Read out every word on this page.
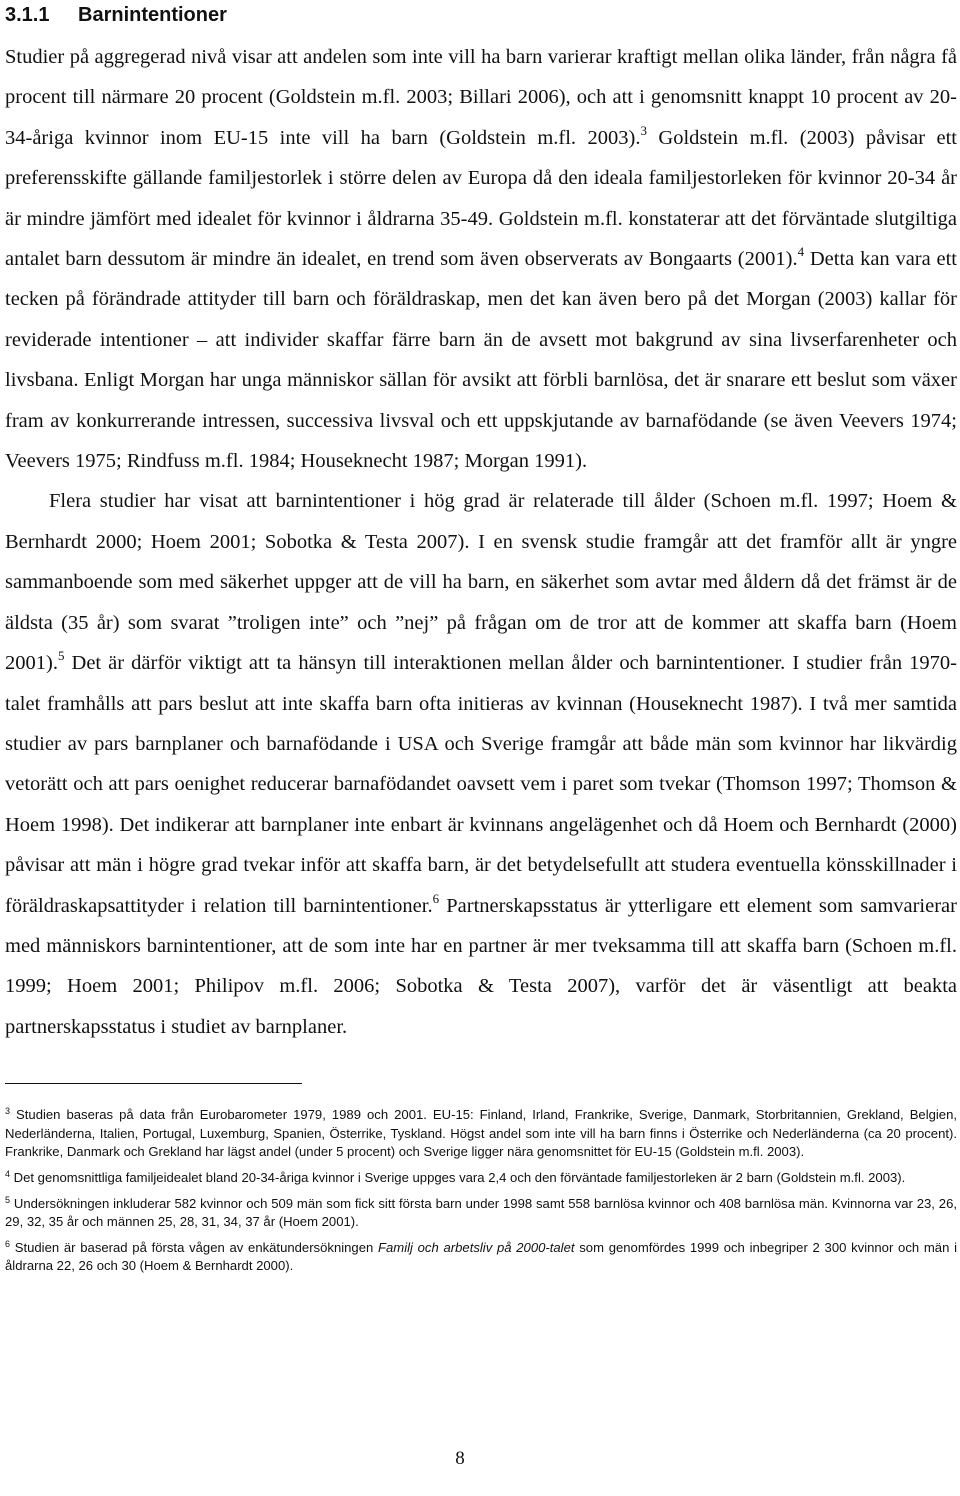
3.1.1 Barnintentioner

Studier på aggregerad nivå visar att andelen som inte vill ha barn varierar kraftigt mellan olika länder, från några få procent till närmare 20 procent (Goldstein m.fl. 2003; Billari 2006), och att i genomsnitt knappt 10 procent av 20-34-åriga kvinnor inom EU-15 inte vill ha barn (Goldstein m.fl. 2003).$^3$ Goldstein m.fl. (2003) påvisar ett preferensskifte gällande familjestorlek i större delen av Europa då den ideala familjestorleken för kvinnor 20-34 år är mindre jämfört med idealet för kvinnor i åldrarna 35-49. Goldstein m.fl. konstaterar att det förväntade slutgiltiga antalet barn dessutom är mindre än idealet, en trend som även observerats av Bongaarts (2001).$^4$ Detta kan vara ett tecken på förändrade attityder till barn och föräldraskap, men det kan även bero på det Morgan (2003) kallar för reviderade intentioner – att individer skaffar färre barn än de avsett mot bakgrund av sina livserfarenheter och livsbana. Enligt Morgan har unga människor sällan för avsikt att förbli barnlösa, det är snarare ett beslut som växer fram av konkurrerande intressen, successiva livsval och ett uppskjutande av barnafödande (se även Veevers 1974; Veevers 1975; Rindfuss m.fl. 1984; Houseknecht 1987; Morgan 1991).

Flera studier har visat att barnintentioner i hög grad är relaterade till ålder (Schoen m.fl. 1997; Hoem & Bernhardt 2000; Hoem 2001; Sobotka & Testa 2007). I en svensk studie framgår att det framför allt är yngre sammanboende som med säkerhet uppger att de vill ha barn, en säkerhet som avtar med åldern då det främst är de äldsta (35 år) som svarat ”troligen inte” och ”nej” på frågan om de tror att de kommer att skaffa barn (Hoem 2001).$^5$ Det är därför viktigt att ta hänsyn till interaktionen mellan ålder och barnintentioner. I studier från 1970-talet framhålls att pars beslut att inte skaffa barn ofta initieras av kvinnan (Houseknecht 1987). I två mer samtida studier av pars barnplaner och barnafödande i USA och Sverige framgår att både män som kvinnor har likvärdig vetorätt och att pars oenighet reducerar barnafödandet oavsett vem i paret som tvekar (Thomson 1997; Thomson & Hoem 1998). Det indikerar att barnplaner inte enbart är kvinnans angelägenhet och då Hoem och Bernhardt (2000) påvisar att män i högre grad tvekar inför att skaffa barn, är det betydelsefullt att studera eventuella könsskillnader i föräldraskapsattityder i relation till barnintentioner.$^6$ Partnerskapsstatus är ytterligare ett element som samvarierar med människors barnintentioner, att de som inte har en partner är mer tveksamma till att skaffa barn (Schoen m.fl. 1999; Hoem 2001; Philipov m.fl. 2006; Sobotka & Testa 2007), varför det är väsentligt att beakta partnerskapsstatus i studiet av barnplaner.

$^3$ Studien baseras på data från Eurobarometer 1979, 1989 och 2001. EU-15: Finland, Irland, Frankrike, Sverige, Danmark, Storbritannien, Grekland, Belgien, Nederländerna, Italien, Portugal, Luxemburg, Spanien, Österrike, Tyskland. Högst andel som inte vill ha barn finns i Österrike och Nederländerna (ca 20 procent). Frankrike, Danmark och Grekland har lägst andel (under 5 procent) och Sverige ligger nära genomsnittet för EU-15 (Goldstein m.fl. 2003).

$^4$ Det genomsnittliga familjeidealet bland 20-34-åriga kvinnor i Sverige uppges vara 2,4 och den förväntade familjestorleken är 2 barn (Goldstein m.fl. 2003).

$^5$ Undersökningen inkluderar 582 kvinnor och 509 män som fick sitt första barn under 1998 samt 558 barnlösa kvinnor och 408 barnlösa män. Kvinnorna var 23, 26, 29, 32, 35 år och männen 25, 28, 31, 34, 37 år (Hoem 2001).

$^6$ Studien är baserad på första vågen av enkätundersökningen Familj och arbetsliv på 2000-talet som genomfördes 1999 och inbegriper 2 300 kvinnor och män i åldrarna 22, 26 och 30 (Hoem & Bernhardt 2000).

8
